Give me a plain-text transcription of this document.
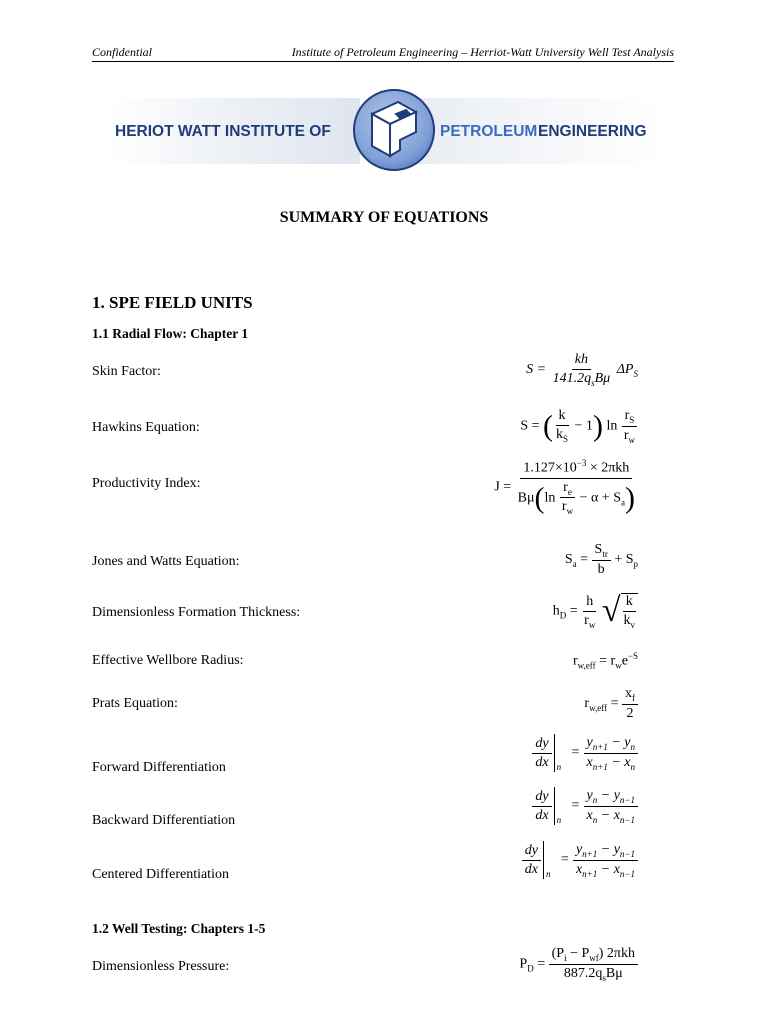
Confidential	Institute of Petroleum Engineering – Herriot-Watt University Well Test Analysis
HERIOT WATT INSTITUTE OF	PETROLEUM ENGINEERING
SUMMARY OF EQUATIONS
1. SPE FIELD UNITS
1.1 Radial Flow: Chapter 1
Skin Factor:
Hawkins Equation:
Productivity Index:
Jones and Watts Equation:
Dimensionless Formation Thickness:
Effective Wellbore Radius:
Prats Equation:
Forward Differentiation
Backward Differentiation
Centered Differentiation
1.2 Well Testing: Chapters 1-5
Dimensionless Pressure:
$S = \frac{kh}{141.2q_sB\mu} \Delta P_S$
S = ( $\frac{k}{k_S} - 1$) $\ln \frac{r_S}{r_w}$
$J = \frac{1.127\times 10^{-3} \times 2\pi kh}{B\mu(\ln \frac{r_e}{r_w} - \alpha + S_a)}$
$S_a = \frac{S_{tr}}{b} + S_p$
$h_D = \frac{h}{r_w}$
√ $\frac{k}{k_v}$
$r_{w,eff} = r_we^{-S}$
$r_{w,eff} = \frac{x_f}{2}$
$\frac{dy}{dx} _n = \frac{y_{n+1} - y_n}{x_{n+1} - x_n}$
$\frac{dy}{dx} _n = \frac{y_n - y_{n-1}}{x_n - x_{n-1}}$
$\frac{dy}{dx} _n = \frac{y_{n+1} - y_{n-1}}{x_{n+1} - x_{n-1}}$
$P_D = \frac{(P_i - P_{wf}) 2\pi kh}{887.2q_sB\mu}$
